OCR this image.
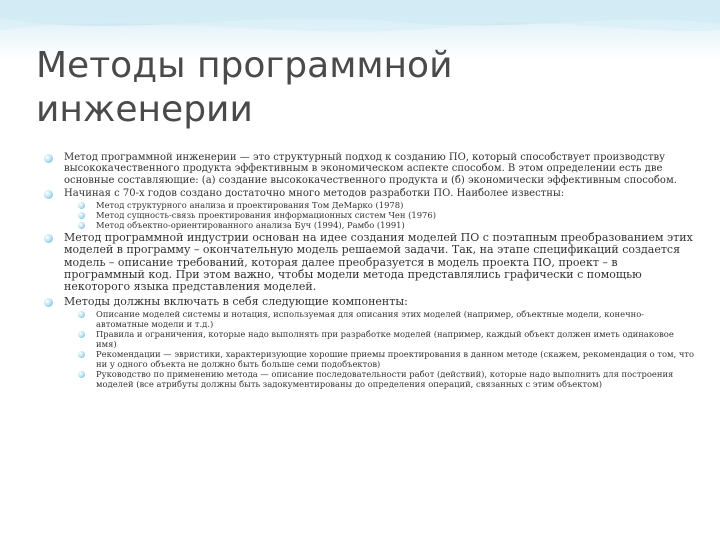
Методы программной инженерии
Метод программной инженерии — это структурный подход к созданию ПО, который способствует производству высококачественного продукта эффективным в экономическом аспекте способом. В этом определении есть две основные составляющие: (а) создание высококачественного продукта и (б) экономически эффективным способом.
Начиная с 70-х годов создано достаточно много методов разработки ПО. Наиболее известны:
Метод структурного анализа и проектирования Том ДеМарко (1978)
Метод сущность-связь проектирования информационных систем Чен (1976)
Метод объектно-ориентированного анализа Буч (1994), Рамбо (1991)
Метод программной индустрии основан на идее создания моделей ПО с поэтапным преобразованием этих моделей в программу – окончательную модель решаемой задачи. Так, на этапе спецификаций создается модель – описание требований, которая далее преобразуется в модель проекта ПО, проект – в программный код. При этом важно, чтобы модели метода представлялись графически с помощью некоторого языка представления моделей.
Методы должны включать в себя следующие компоненты:
Описание моделей системы и нотация, используемая для описания этих моделей (например, объектные модели, конечно-автоматные модели и т.д.)
Правила и ограничения, которые надо выполнять при разработке моделей (например, каждый объект должен иметь одинаковое имя)
Рекомендации — эвристики, характеризующие хорошие приемы проектирования в данном методе (скажем, рекомендация о том, что ни у одного объекта не должно быть больше семи подобъектов)
Руководство по применению метода — описание последовательности работ (действий), которые надо выполнить для построения моделей (все атрибуты должны быть задокументированы до определения операций, связанных с этим объектом)
